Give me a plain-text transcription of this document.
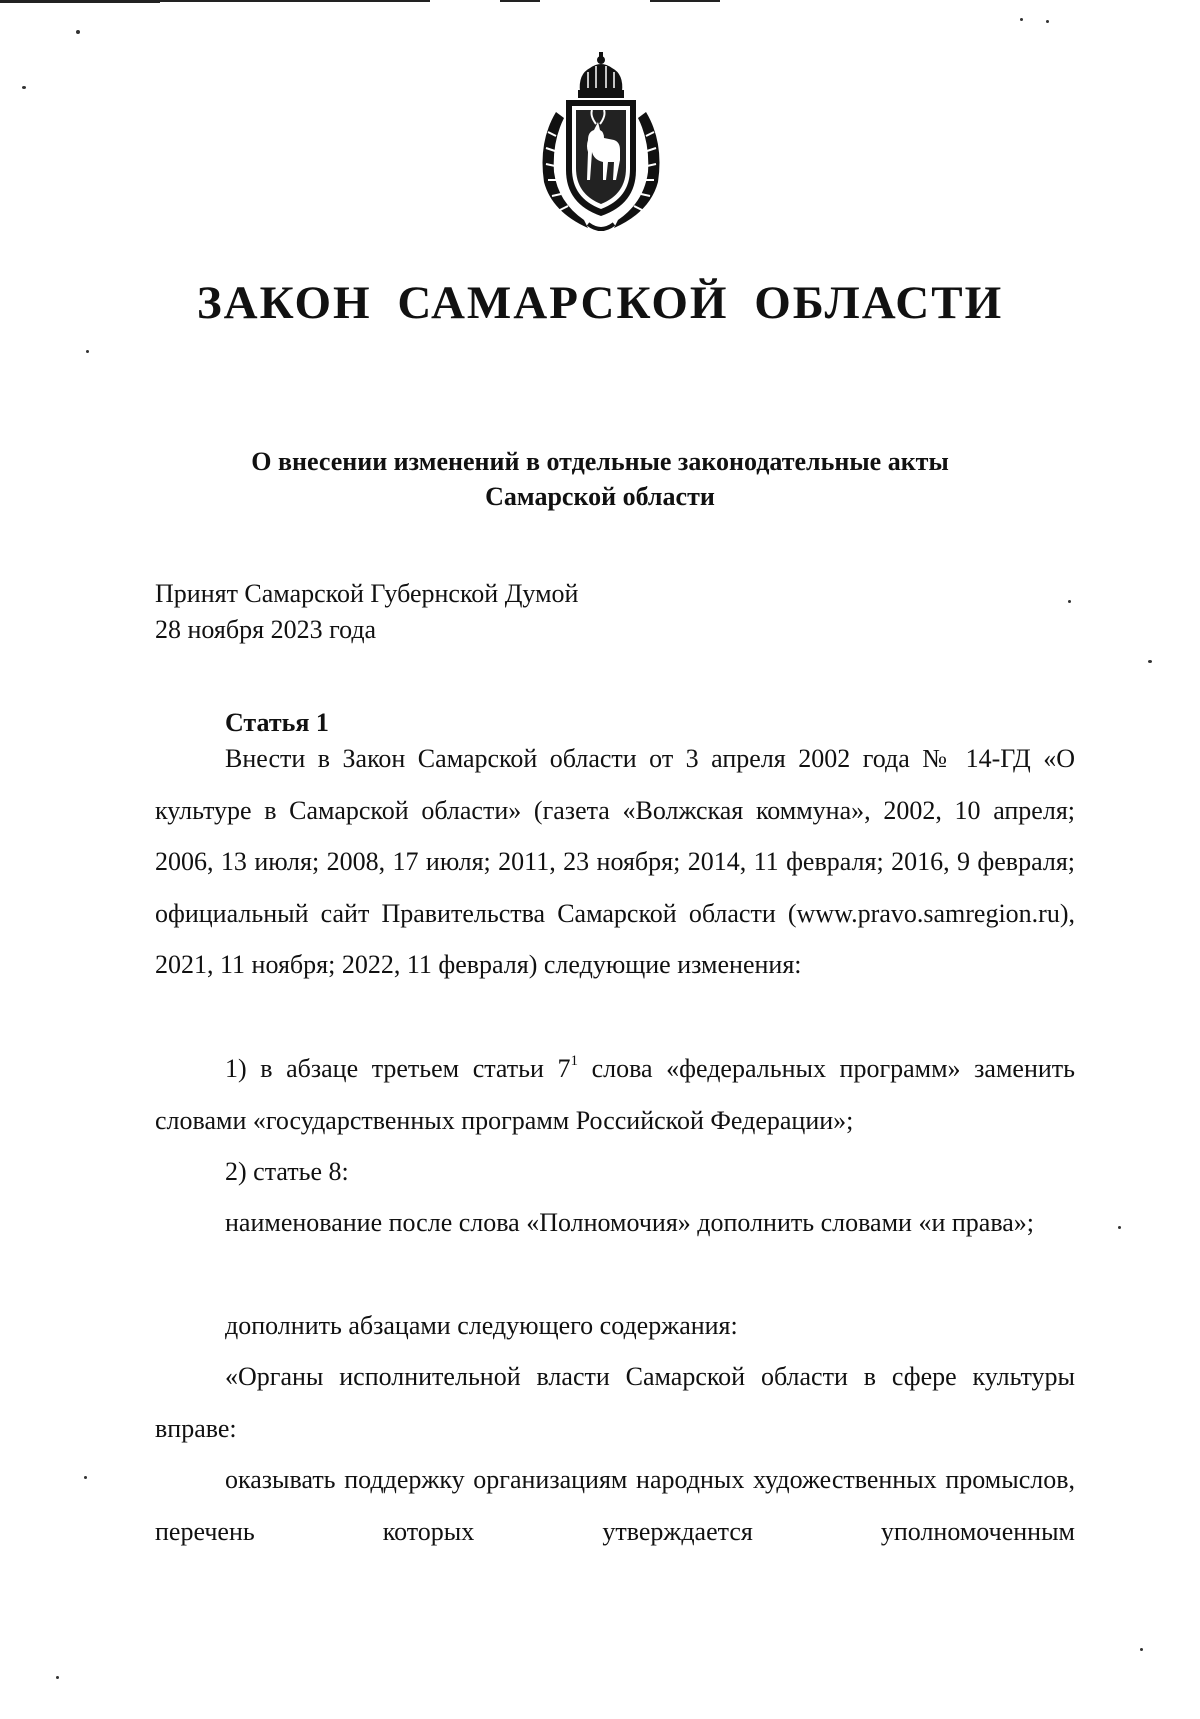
ЗАКОН САМАРСКОЙ ОБЛАСТИ
О внесении изменений в отдельные законодательные акты
Самарской области
Принят Самарской Губернской Думой
28 ноября 2023 года
Статья 1

Внести в Закон Самарской области от 3 апреля 2002 года № 14-ГД «О культуре в Самарской области» (газета «Волжская коммуна», 2002, 10 апреля; 2006, 13 июля; 2008, 17 июля; 2011, 23 ноября; 2014, 11 февраля; 2016, 9 февраля; официальный сайт Правительства Самарской области (www.pravo.samregion.ru), 2021, 11 ноября; 2022, 11 февраля) следующие изменения:

1) в абзаце третьем статьи $7^1$ слова «федеральных программ» заменить словами «государственных программ Российской Федерации»;

2) статье 8:

наименование после слова «Полномочия» дополнить словами «и права»;

дополнить абзацами следующего содержания:

«Органы исполнительной власти Самарской области в сфере культуры вправе:

оказывать поддержку организациям народных художественных промыслов, перечень которых утверждается уполномоченным
